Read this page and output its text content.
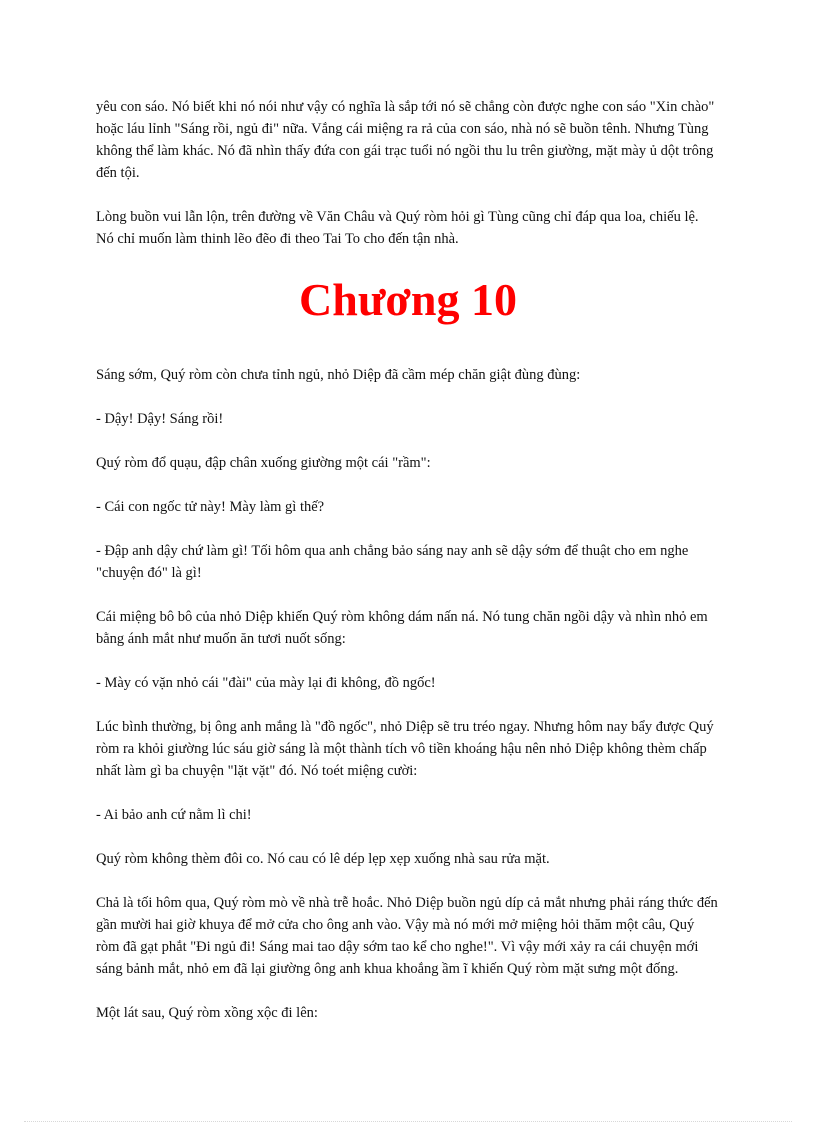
yêu con sáo. Nó biết khi nó nói như vậy có nghĩa là sắp tới nó sẽ chẳng còn được nghe con sáo "Xin chào" hoặc láu lỉnh "Sáng rồi, ngủ đi" nữa. Vắng cái miệng ra rả của con sáo, nhà nó sẽ buồn tênh. Nhưng Tùng không thể làm khác. Nó đã nhìn thấy đứa con gái trạc tuổi nó ngồi thu lu trên giường, mặt mày ủ dột trông đến tội.

Lòng buồn vui lẫn lộn, trên đường về Văn Châu và Quý ròm hỏi gì Tùng cũng chỉ đáp qua loa, chiếu lệ.

Nó chỉ muốn làm thinh lẽo đẽo đi theo Tai To cho đến tận nhà.

Chương 10

Sáng sớm, Quý ròm còn chưa tỉnh ngủ, nhỏ Diệp đã cầm mép chăn giật đùng đùng:

- Dậy! Dậy! Sáng rồi!

Quý ròm đổ quạu, đập chân xuống giường một cái "rầm":

- Cái con ngốc tử này! Mày làm gì thế?

- Đập anh dậy chứ làm gì! Tối hôm qua anh chẳng bảo sáng nay anh sẽ dậy sớm để thuật cho em nghe "chuyện đó" là gì!

Cái miệng bô bô của nhỏ Diệp khiến Quý ròm không dám nấn ná. Nó tung chăn ngồi dậy và nhìn nhỏ em bằng ánh mắt như muốn ăn tươi nuốt sống:

- Mày có vặn nhỏ cái "đài" của mày lại đi không, đồ ngốc!

Lúc bình thường, bị ông anh mắng là "đồ ngốc", nhỏ Diệp sẽ tru tréo ngay. Nhưng hôm nay bẩy được Quý ròm ra khỏi giường lúc sáu giờ sáng là một thành tích vô tiền khoáng hậu nên nhỏ Diệp không thèm chấp nhất làm gì ba chuyện "lặt vặt" đó. Nó toét miệng cười:

- Ai bảo anh cứ nằm lì chi!

Quý ròm không thèm đôi co. Nó cau có lê dép lẹp xẹp xuống nhà sau rửa mặt.

Chả là tối hôm qua, Quý ròm mò về nhà trễ hoắc. Nhỏ Diệp buồn ngủ díp cả mắt nhưng phải ráng thức đến gần mười hai giờ khuya để mở cửa cho ông anh vào. Vậy mà nó mới mở miệng hỏi thăm một câu, Quý ròm đã gạt phắt "Đi ngủ đi! Sáng mai tao dậy sớm tao kể cho nghe!". Vì vậy mới xảy ra cái chuyện mới sáng bảnh mắt, nhỏ em đã lại giường ông anh khua khoắng ầm ĩ khiến Quý ròm mặt sưng một đống.

Một lát sau, Quý ròm xồng xộc đi lên:
